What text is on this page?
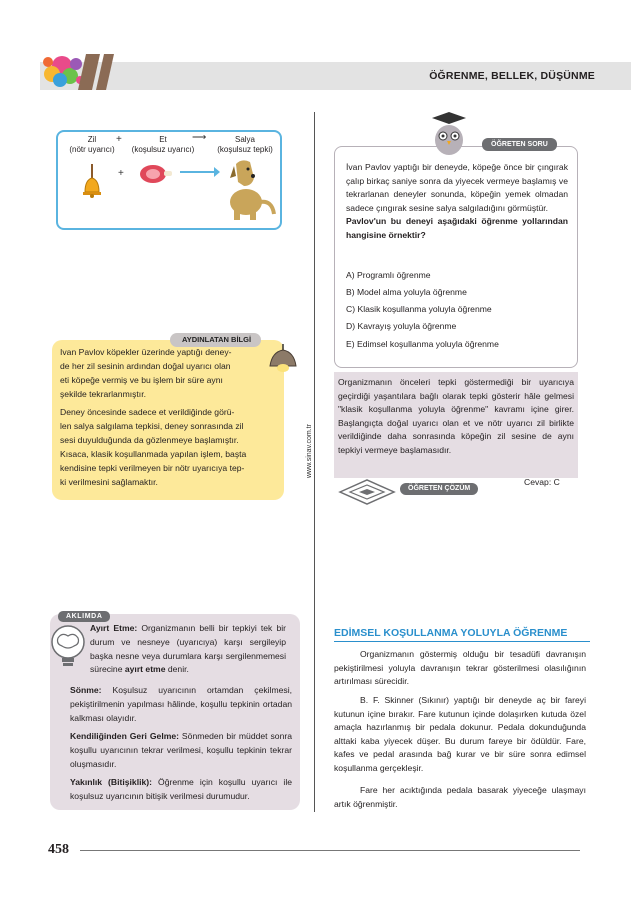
ÖĞRENME, BELLEK, DÜŞÜNME
www.sinav.com.tr
Zil
(nötr uyarıcı)
+	Et
(koşulsuz uyarıcı)
⟶	Salya
(koşulsuz tepki)
+
AYDINLATAN BİLGİ
Ivan Pavlov köpekler üzerinde yaptığı deney-
de her zil sesinin ardından doğal uyarıcı olan
eti köpeğe vermiş ve bu işlem bir süre aynı
şekilde tekrarlanmıştır.
Deney öncesinde sadece et verildiğinde görü-
len salya salgılama tepkisi, deney sonrasında zil
sesi duyulduğunda da gözlenmeye başlamıştır.
Kısaca, klasik koşullanmada yapılan işlem, başta
kendisine tepki verilmeyen bir nötr uyarıcıya tep-
ki verilmesini sağlamaktır.
AKLIMDA
Ayırt Etme: Organizmanın belli bir tepkiyi tek bir durum ve nesneye (uyarıcıya) karşı sergileyip başka nesne veya durumlara karşı sergilenmemesi sürecine ayırt etme denir.
Sönme: Koşulsuz uyarıcının ortamdan çekilmesi, pekiştirilmenin yapılması hâlinde, koşullu tepkinin ortadan kalkması olayıdır.
Kendiliğinden Geri Gelme: Sönmeden bir müddet sonra koşullu uyarıcının tekrar verilmesi, koşullu tepkinin tekrar oluşmasıdır.
Yakınlık (Bitişiklik): Öğrenme için koşullu uyarıcı ile koşulsuz uyarıcının bitişik verilmesi durumudur.
ÖĞRETEN SORU
İvan Pavlov yaptığı bir deneyde, köpeğe önce bir çıngırak çalıp birkaç saniye sonra da yiyecek vermeye başlamış ve tekrarlanan deneyler sonunda, köpeğin yemek olmadan sadece çıngırak sesine salya salgıladığını görmüştür.
Pavlov'un bu deneyi aşağıdaki öğrenme yollarından hangisine örnektir?
A) Programlı öğrenme
B) Model alma yoluyla öğrenme
C) Klasik koşullanma yoluyla öğrenme
D) Kavrayış yoluyla öğrenme
E) Edimsel koşullanma yoluyla öğrenme
Organizmanın önceleri tepki göstermediği bir uyarıcıya geçirdiği yaşantılara bağlı olarak tepki gösterir hâle gelmesi "klasik koşullanma yoluyla öğrenme" kavramı içine girer. Başlangıçta doğal uyarıcı olan et ve nötr uyarıcı zil birlikte verildiğinde daha sonrasında köpeğin zil sesine de aynı tepkiyi vermeye başlamasıdır.
ÖĞRETEN ÇÖZÜM
Cevap: C
EDİMSEL KOŞULLANMA YOLUYLA ÖĞRENME
Organizmanın göstermiş olduğu bir tesadüfi davranışın pekiştirilmesi yoluyla davranışın tekrar gösterilmesi olasılığının artırılması sürecidir.
B. F. Skinner (Sıkınır) yaptığı bir deneyde aç bir fareyi kutunun içine bırakır. Fare kutunun içinde dolaşırken kutuda özel amaçla hazırlanmış bir pedala dokunur. Pedala dokunduğunda alttaki kaba yiyecek düşer. Bu durum fareye bir ödüldür. Fare, kafes ve pedal arasında bağ kurar ve bir süre sonra edimsel koşullanma gerçekleşir.
Fare her acıktığında pedala basarak yiyeceğe ulaşmayı artık öğrenmiştir.
458
